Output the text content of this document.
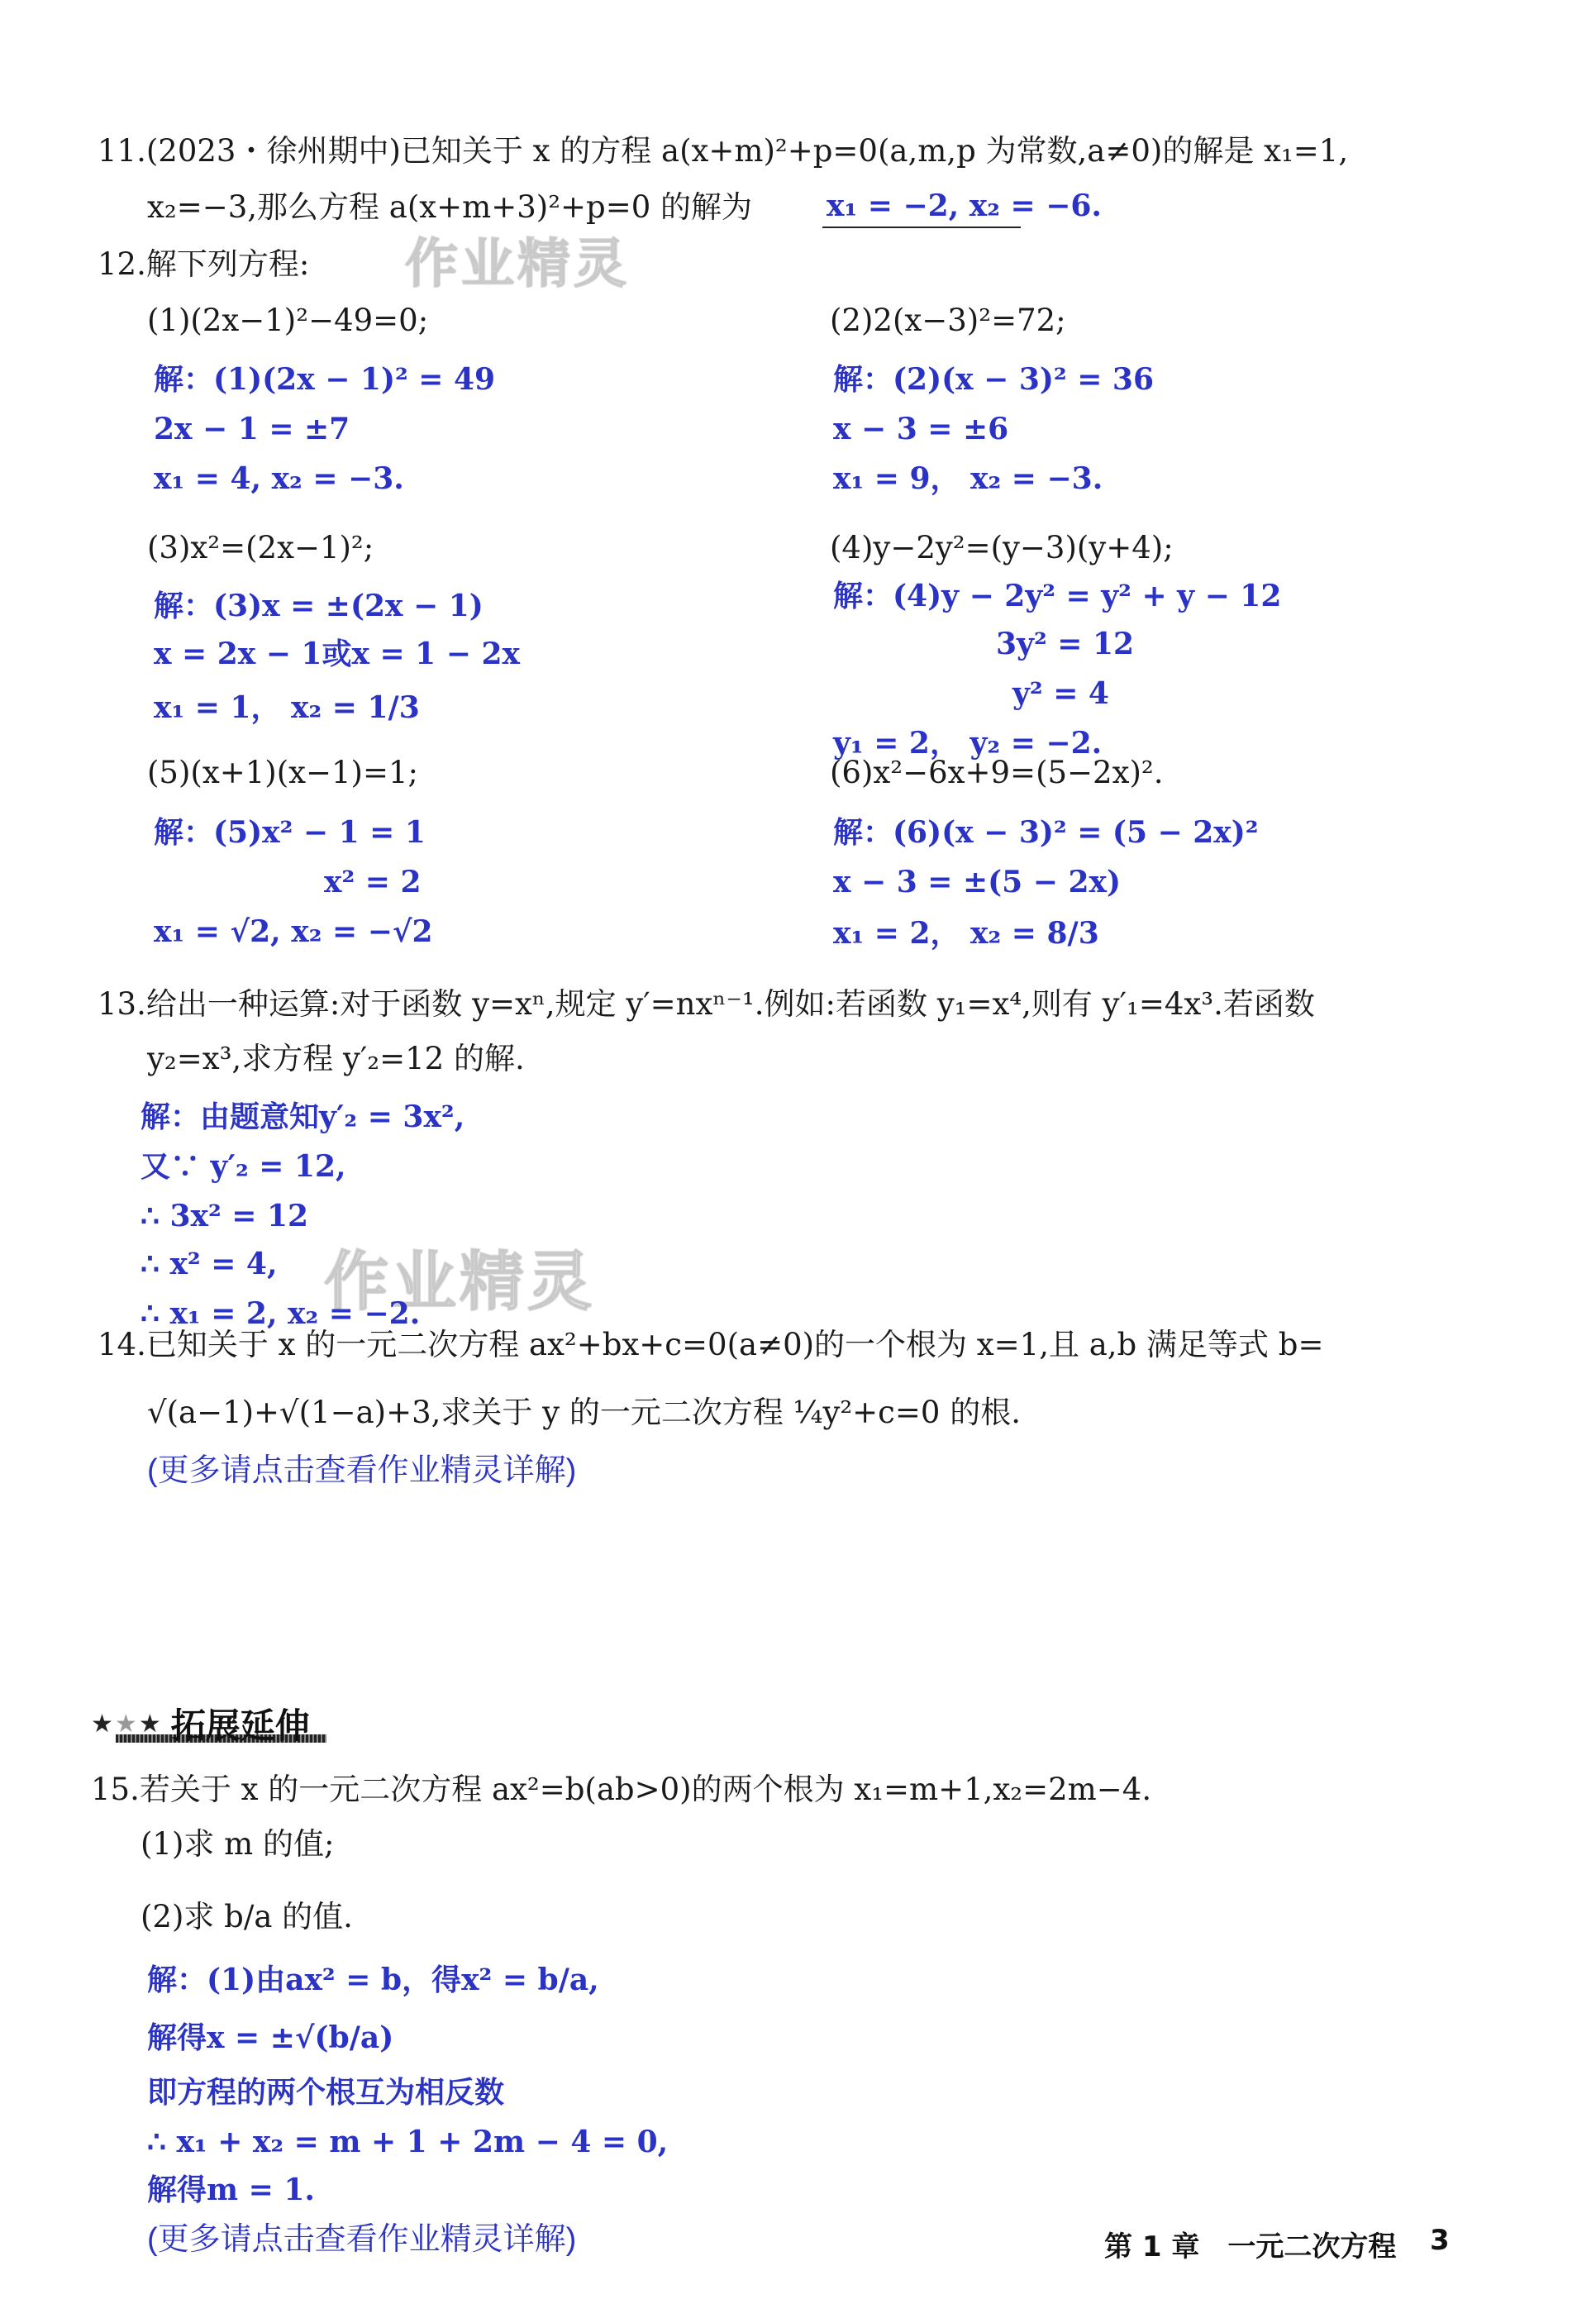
作业精灵
作业精灵
11.(2023・徐州期中)已知关于 x 的方程 a(x+m)²+p=0(a,m,p 为常数,a≠0)的解是 x₁=1,
x₂=−3,那么方程 a(x+m+3)²+p=0 的解为 x₁ = −2, x₂ = −6.
12.解下列方程:
(1)(2x−1)²−49=0;
解：(1)(2x − 1)² = 49
2x − 1 = ±7
x₁ = 4, x₂ = −3.
(2)2(x−3)²=72;
解：(2)(x − 3)² = 36
x − 3 = ±6
x₁ = 9， x₂ = −3.
(3)x²=(2x−1)²;
解：(3)x = ±(2x − 1)
x = 2x − 1或x = 1 − 2x
x₁ = 1， x₂ = 1/3
(4)y−2y²=(y−3)(y+4);
解：(4)y − 2y² = y² + y − 12
3y² = 12
y² = 4
y₁ = 2， y₂ = −2.
(5)(x+1)(x−1)=1;
解：(5)x² − 1 = 1
x² = 2
x₁ = √2, x₂ = −√2
(6)x²−6x+9=(5−2x)².
解：(6)(x − 3)² = (5 − 2x)²
x − 3 = ±(5 − 2x)
x₁ = 2， x₂ = 8/3
13.给出一种运算:对于函数 y=xⁿ,规定 y′=nxⁿ⁻¹.例如:若函数 y₁=x⁴,则有 y′₁=4x³.若函数
y₂=x³,求方程 y′₂=12 的解.
解：由题意知y′₂ = 3x²,
又∵ y′₂ = 12,
∴ 3x² = 12
∴ x² = 4,
∴ x₁ = 2, x₂ = −2.
14.已知关于 x 的一元二次方程 ax²+bx+c=0(a≠0)的一个根为 x=1,且 a,b 满足等式 b=
√(a−1)+√(1−a)+3,求关于 y 的一元二次方程 ¼y²+c=0 的根.
(更多请点击查看作业精灵详解)
★ ★ ★ 拓展延伸
15.若关于 x 的一元二次方程 ax²=b(ab>0)的两个根为 x₁=m+1,x₂=2m−4.
(1)求 m 的值;
(2)求 b/a 的值.
解：(1)由ax² = b，得x² = b/a,
解得x = ±√(b/a)
即方程的两个根互为相反数
∴ x₁ + x₂ = m + 1 + 2m − 4 = 0,
解得m = 1.
(更多请点击查看作业精灵详解)	第 1 章　一元二次方程 3
